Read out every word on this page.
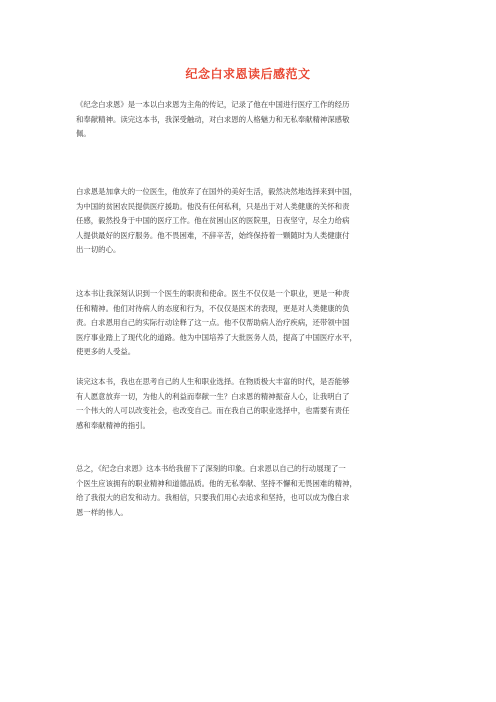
纪念白求恩读后感范文
《纪念白求恩》是一本以白求恩为主角的传记，记录了他在中国进行医疗工作的经历
和奉献精神。读完这本书，我深受触动，对白求恩的人格魅力和无私奉献精神深感敬
佩。
白求恩是加拿大的一位医生，他放弃了在国外的美好生活，毅然决然地选择来到中国，
为中国的贫困农民提供医疗援助。他没有任何私利，只是出于对人类健康的关怀和责
任感，毅然投身于中国的医疗工作。他在贫困山区的医院里，日夜坚守，尽全力给病
人提供最好的医疗服务。他不畏困难，不辞辛苦，始终保持着一颗随时为人类健康付
出一切的心。
这本书让我深刻认识到一个医生的职责和使命。医生不仅仅是一个职业，更是一种责
任和精神。他们对待病人的态度和行为，不仅仅是医术的表现，更是对人类健康的负
责。白求恩用自己的实际行动诠释了这一点。他不仅帮助病人治疗疾病，还带领中国
医疗事业踏上了现代化的道路。他为中国培养了大批医务人员，提高了中国医疗水平，
使更多的人受益。
读完这本书，我也在思考自己的人生和职业选择。在物质极大丰富的时代，是否能够
有人愿意放弃一切，为他人的利益而奉献一生？白求恩的精神振奋人心，让我明白了
一个伟大的人可以改变社会，也改变自己。而在我自己的职业选择中，也需要有责任
感和奉献精神的指引。
总之，《纪念白求恩》这本书给我留下了深刻的印象。白求恩以自己的行动展现了一
个医生应该拥有的职业精神和道德品质。他的无私奉献、坚持不懈和无畏困难的精神，
给了我很大的启发和动力。我相信，只要我们用心去追求和坚持，也可以成为像白求
恩一样的伟人。
